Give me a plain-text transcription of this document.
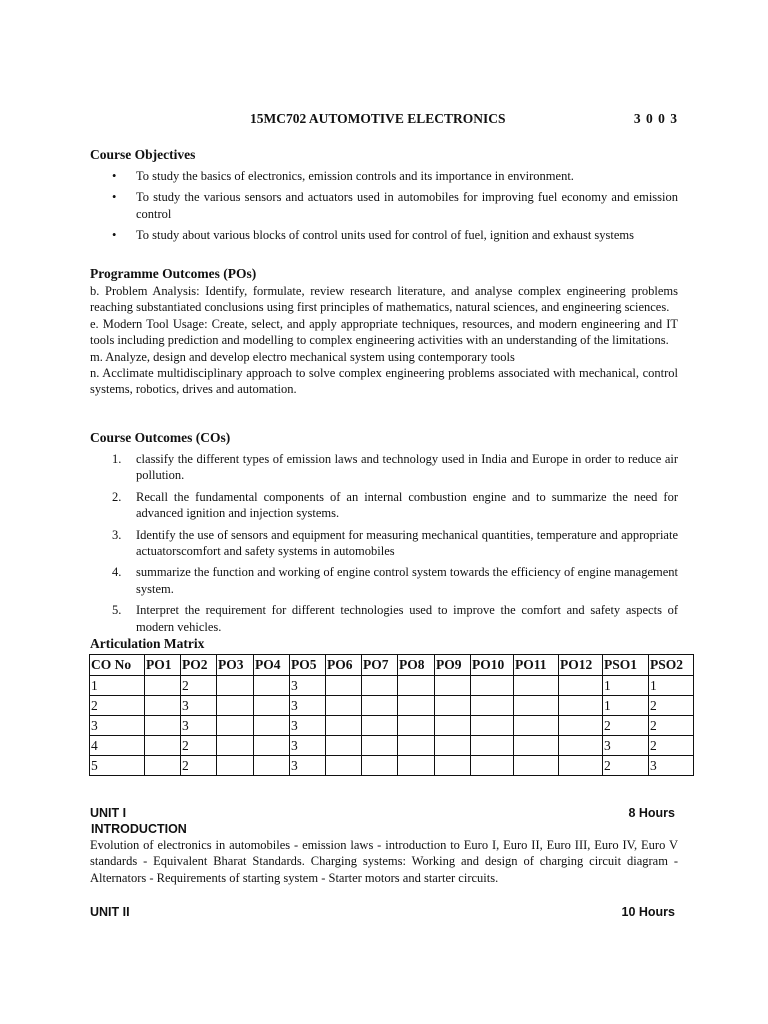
15MC702 AUTOMOTIVE ELECTRONICS	3 0 0 3
Course Objectives
• To study the basics of electronics, emission controls and its importance in environment.
• To study the various sensors and actuators used in automobiles for improving fuel economy and emission control
• To study about various blocks of control units used for control of fuel, ignition and exhaust systems
Programme Outcomes (POs)
b. Problem Analysis: Identify, formulate, review research literature, and analyse complex engineering problems reaching substantiated conclusions using first principles of mathematics, natural sciences, and engineering sciences.
e. Modern Tool Usage: Create, select, and apply appropriate techniques, resources, and modern engineering and IT tools including prediction and modelling to complex engineering activities with an understanding of the limitations.
m. Analyze, design and develop electro mechanical system using contemporary tools
n. Acclimate multidisciplinary approach to solve complex engineering problems associated with mechanical, control systems, robotics, drives and automation.
Course Outcomes (COs)
1. classify the different types of emission laws and technology used in India and Europe in order to reduce air pollution.
2. Recall the fundamental components of an internal combustion engine and to summarize the need for advanced ignition and injection systems.
3. Identify the use of sensors and equipment for measuring mechanical quantities, temperature and appropriate actuatorscomfort and safety systems in automobiles
4. summarize the function and working of engine control system towards the efficiency of engine management system.
5. Interpret the requirement for different technologies used to improve the comfort and safety aspects of modern vehicles.
Articulation Matrix
CO No	PO1	PO2	PO3	PO4	PO5	PO6	PO7	PO8	PO9	PO10	PO11	PO12	PSO1	PSO2
1		2			3								1	1
2		3			3								1	2
3		3			3								2	2
4		2			3								3	2
5		2			3								2	3
UNIT I	8 Hours
INTRODUCTION
Evolution of electronics in automobiles - emission laws - introduction to Euro I, Euro II, Euro III, Euro IV, Euro V standards - Equivalent Bharat Standards. Charging systems: Working and design of charging circuit diagram - Alternators - Requirements of starting system - Starter motors and starter circuits.
UNIT II	10 Hours
